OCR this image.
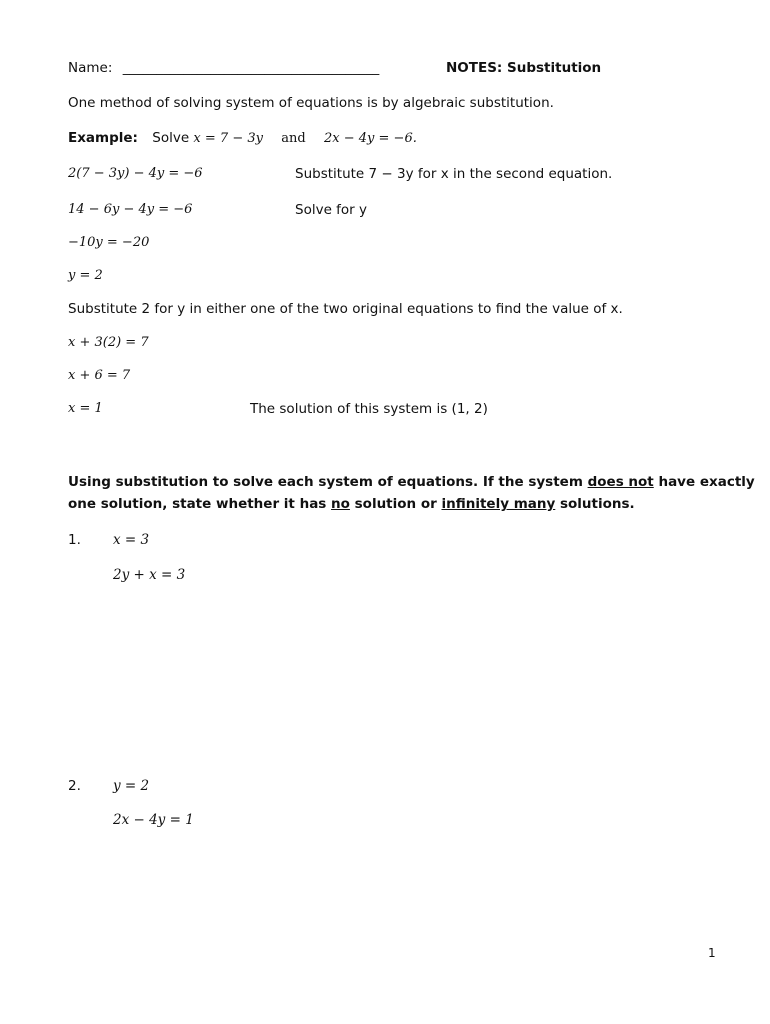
Name: ______________________________________	NOTES: Substitution
One method of solving system of equations is by algebraic substitution.
Example: Solve x = 7 − 3y and 2x − 4y = −6.
2(7 − 3y) − 4y = −6	Substitute 7 − 3y for x in the second equation.
14 − 6y − 4y = −6	Solve for y
−10y = −20
y = 2
Substitute 2 for y in either one of the two original equations to find the value of x.
x + 3(2) = 7
x + 6 = 7
x = 1	The solution of this system is (1, 2)
Using substitution to solve each system of equations. If the system does not have exactly
one solution, state whether it has no solution or infinitely many solutions.
1. x = 3
2y + x = 3
2. y = 2
2x − 4y = 1
1
